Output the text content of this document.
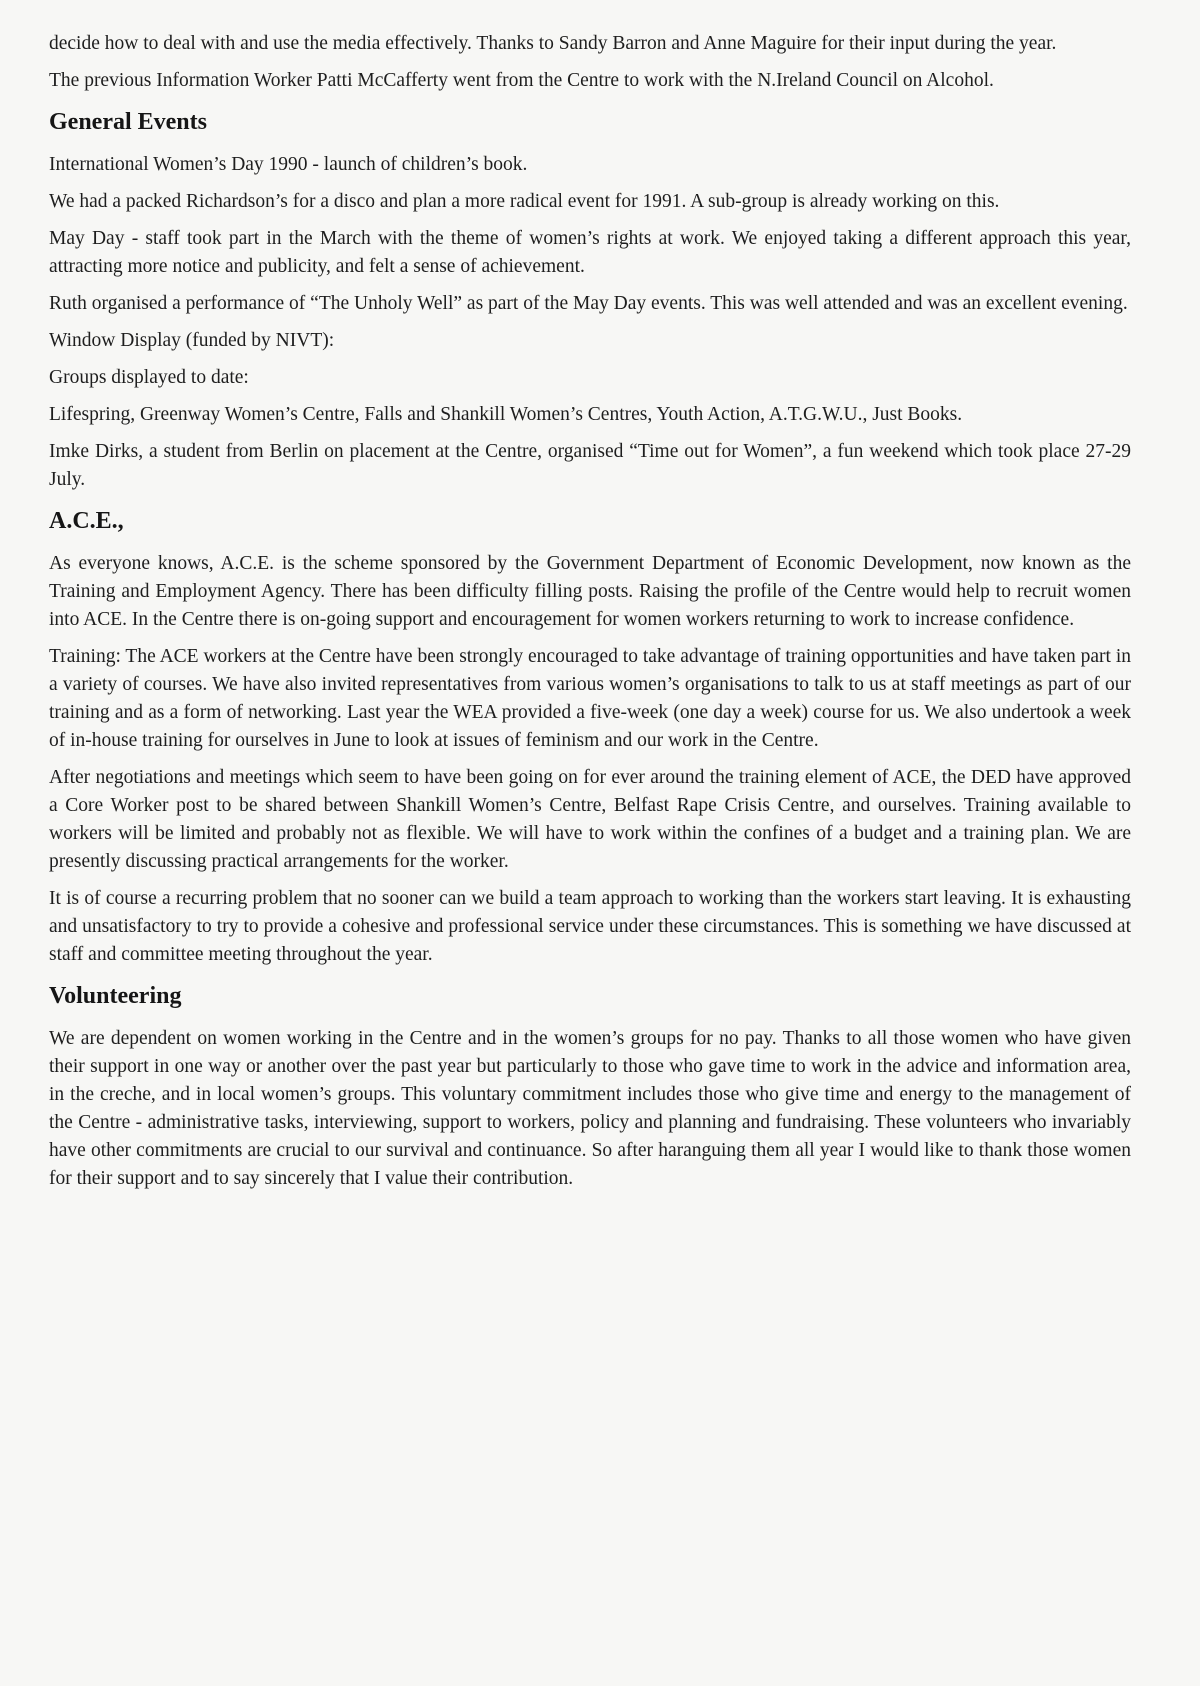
decide how to deal with and use the media effectively. Thanks to Sandy Barron and Anne Maguire for their input during the year.

The previous Information Worker Patti McCafferty went from the Centre to work with the N.Ireland Council on Alcohol.

General Events

International Women’s Day 1990 - launch of children’s book.

We had a packed Richardson’s for a disco and plan a more radical event for 1991. A sub-group is already working on this.

May Day - staff took part in the March with the theme of women’s rights at work. We enjoyed taking a different approach this year, attracting more notice and publicity, and felt a sense of achievement.

Ruth organised a performance of “The Unholy Well” as part of the May Day events. This was well attended and was an excellent evening.

Window Display (funded by NIVT):

Groups displayed to date:

Lifespring, Greenway Women’s Centre, Falls and Shankill Women’s Centres, Youth Action, A.T.G.W.U., Just Books.

Imke Dirks, a student from Berlin on placement at the Centre, organised “Time out for Women”, a fun weekend which took place 27-29 July.

A.C.E.,

As everyone knows, A.C.E. is the scheme sponsored by the Government Department of Economic Development, now known as the Training and Employment Agency. There has been difficulty filling posts. Raising the profile of the Centre would help to recruit women into ACE. In the Centre there is on-going support and encouragement for women workers returning to work to increase confidence.

Training: The ACE workers at the Centre have been strongly encouraged to take advantage of training opportunities and have taken part in a variety of courses. We have also invited representatives from various women’s organisations to talk to us at staff meetings as part of our training and as a form of networking. Last year the WEA provided a five-week (one day a week) course for us. We also undertook a week of in-house training for ourselves in June to look at issues of feminism and our work in the Centre.

After negotiations and meetings which seem to have been going on for ever around the training element of ACE, the DED have approved a Core Worker post to be shared between Shankill Women’s Centre, Belfast Rape Crisis Centre, and ourselves. Training available to workers will be limited and probably not as flexible. We will have to work within the confines of a budget and a training plan. We are presently discussing practical arrangements for the worker.

It is of course a recurring problem that no sooner can we build a team approach to working than the workers start leaving. It is exhausting and unsatisfactory to try to provide a cohesive and professional service under these circumstances. This is something we have discussed at staff and committee meeting throughout the year.

Volunteering

We are dependent on women working in the Centre and in the women’s groups for no pay. Thanks to all those women who have given their support in one way or another over the past year but particularly to those who gave time to work in the advice and information area, in the creche, and in local women’s groups. This voluntary commitment includes those who give time and energy to the management of the Centre - administrative tasks, interviewing, support to workers, policy and planning and fundraising. These volunteers who invariably have other commitments are crucial to our survival and continuance. So after haranguing them all year I would like to thank those women for their support and to say sincerely that I value their contribution.
